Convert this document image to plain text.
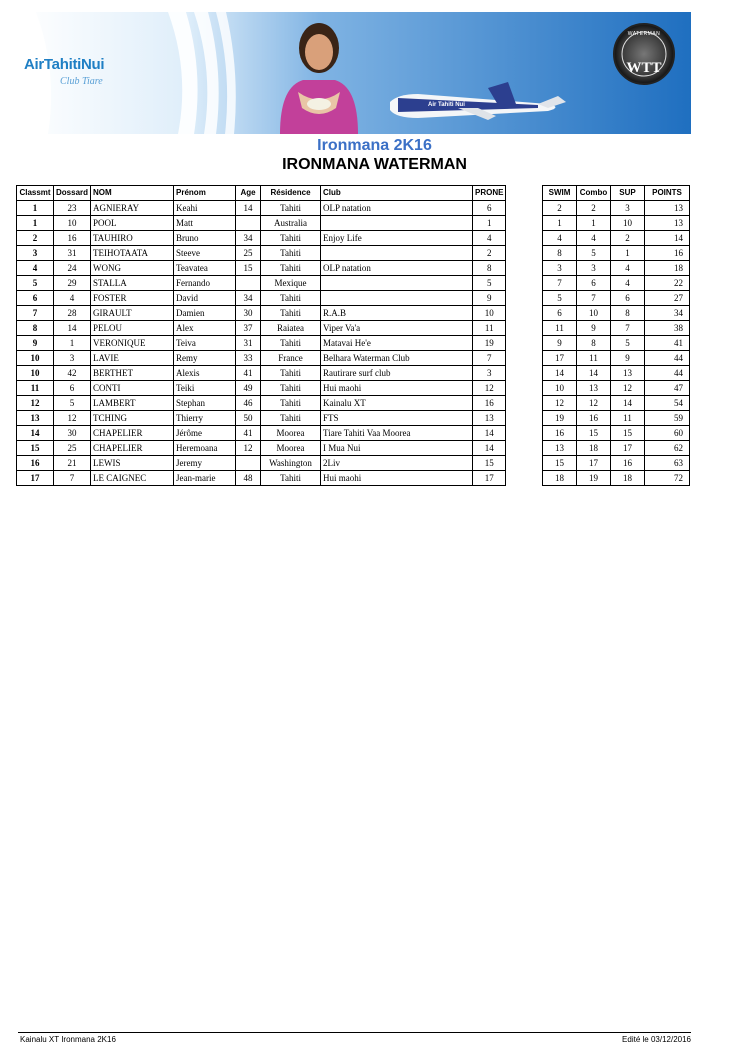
AirTahitiNui
Club Tiare
Air Tahiti Nui
WATERMAN
WTT
Ironmana 2K16
IRONMANA WATERMAN
Classmt	Dossard	NOM	Prénom	Age	Résidence	Club	PRONE
1	23	AGNIERAY	Keahi	14	Tahiti	OLP natation	6
1	10	POOL	Matt		Australia		1
2	16	TAUHIRO	Bruno	34	Tahiti	Enjoy Life	4
3	31	TEIHOTAATA	Steeve	25	Tahiti		2
4	24	WONG	Teavatea	15	Tahiti	OLP natation	8
5	29	STALLA	Fernando		Mexique		5
6	4	FOSTER	David	34	Tahiti		9
7	28	GIRAULT	Damien	30	Tahiti	R.A.B	10
8	14	PELOU	Alex	37	Raiatea	Viper Va'a	11
9	1	VERONIQUE	Teiva	31	Tahiti	Matavai He'e	19
10	3	LAVIE	Remy	33	France	Belhara Waterman Club	7
10	42	BERTHET	Alexis	41	Tahiti	Rautirare surf club	3
11	6	CONTI	Teiki	49	Tahiti	Hui maohi	12
12	5	LAMBERT	Stephan	46	Tahiti	Kainalu XT	16
13	12	TCHING	Thierry	50	Tahiti	FTS	13
14	30	CHAPELIER	Jérôme	41	Moorea	Tiare Tahiti Vaa Moorea	14
15	25	CHAPELIER	Heremoana	12	Moorea	I Mua Nui	14
16	21	LEWIS	Jeremy		Washington	2Liv	15
17	7	LE CAIGNEC	Jean-marie	48	Tahiti	Hui maohi	17
SWIM	Combo	SUP	POINTS
2	2	3	13
1	1	10	13
4	4	2	14
8	5	1	16
3	3	4	18
7	6	4	22
5	7	6	27
6	10	8	34
11	9	7	38
9	8	5	41
17	11	9	44
14	14	13	44
10	13	12	47
12	12	14	54
19	16	11	59
16	15	15	60
13	18	17	62
15	17	16	63
18	19	18	72
Kainalu XT Ironmana 2K16	Edité le 03/12/2016
